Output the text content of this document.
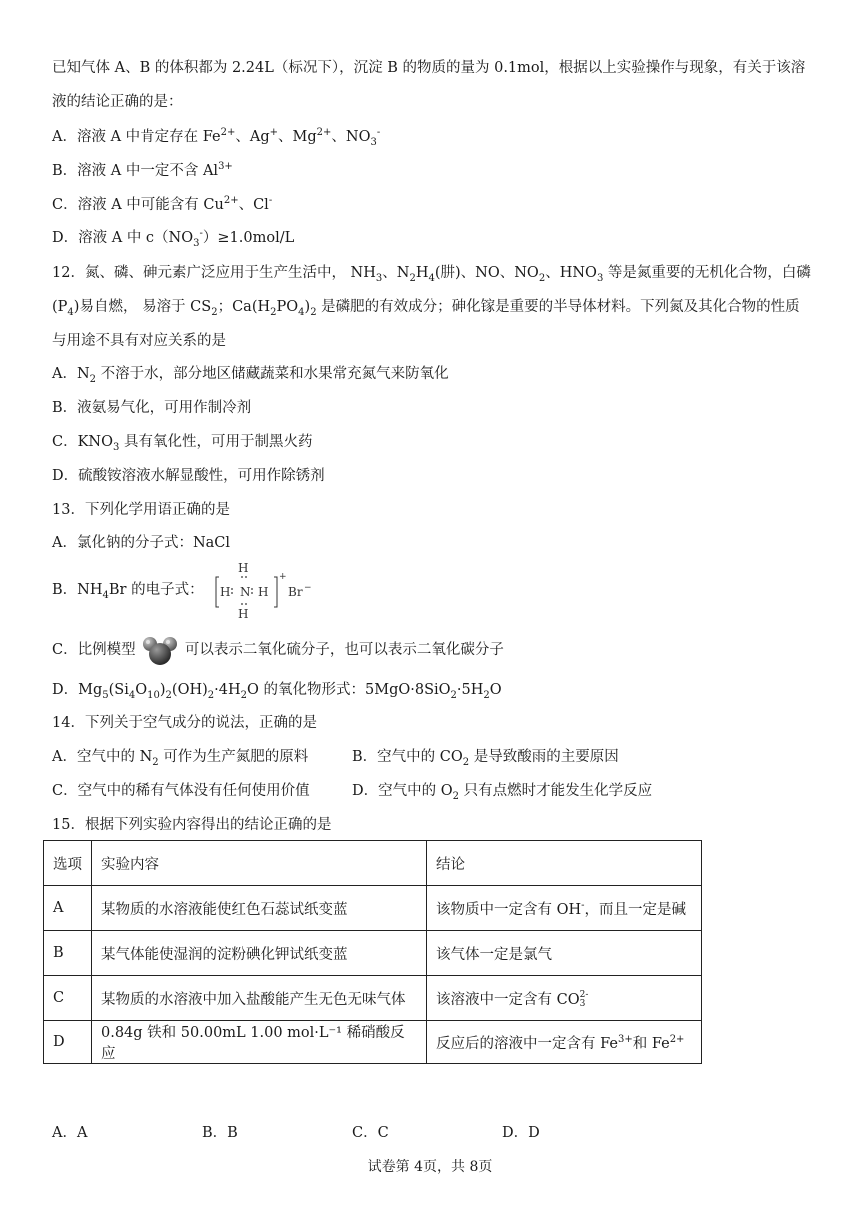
已知气体 A、B 的体积都为 2.24L（标况下），沉淀 B 的物质的量为 0.1mol，根据以上实验操作与现象，有关于该溶
液的结论正确的是：
A．溶液 A 中肯定存在 $Fe^{2+}$、Ag+、$Mg^{2+}$、$NO_3^-$
B．溶液 A 中一定不含 $Al^{3+}$
C．溶液 A 中可能含有 $Cu^{2+}$、Cl-
D．溶液 A 中 $c(NO_3^-)\ge 1.0mol/L$
12．氮、磷、砷元素广泛应用于生产生活中， $NH_3$、$N_2H_4$(肼)、NO、$NO_2$、$HNO_3$ 等是氮重要的无机化合物，白磷
$(P_4)$易自燃， 易溶于 $CS_2$；$Ca(H_2PO_4)_2$ 是磷肥的有效成分；砷化镓是重要的半导体材料。下列氮及其化合物的性质
与用途不具有对应关系的是
A．$N_2$ 不溶于水，部分地区储藏蔬菜和水果常充氮气来防氧化
B．液氨易气化，可用作制冷剂
C．$KNO_3$ 具有氧化性，可用于制黑火药
D．硫酸铵溶液水解显酸性，可用作除锈剂
13．下列化学用语正确的是
A．氯化钠的分子式：NaCl
B．$NH_4Br$ 的电子式：
H
H N H
H
+
Br −
C．比例模型	可以表示二氧化硫分子，也可以表示二氧化碳分子
D．$Mg_5(Si_4O_{10})_2(OH)_2\cdot 4H_2O$ 的氧化物形式：$5MgO\cdot 8SiO_2\cdot 5H_2O$
14．下列关于空气成分的说法，正确的是
A．空气中的 $N_2$ 可作为生产氮肥的原料	B．空气中的 $CO_2$ 是导致酸雨的主要原因
C．空气中的稀有气体没有任何使用价值	D．空气中的 $O_2$ 只有点燃时才能发生化学反应
15．根据下列实验内容得出的结论正确的是
选项	实验内容	结论
A	某物质的水溶液能使红色石蕊试纸变蓝	该物质中一定含有 OH-，而且一定是碱
B	某气体能使湿润的淀粉碘化钾试纸变蓝	该气体一定是氯气
C	某物质的水溶液中加入盐酸能产生无色无味气体	该溶液中一定含有 CO 2-
3

D	0.84g 铁和 50.00mL 1.00 mol·L⁻¹ 稀硝酸反应	反应后的溶液中一定含有 $Fe^{3+}$和 $Fe^{2+}$
A．A	B．B	C．C	D．D
试卷第 4页，共 8页
